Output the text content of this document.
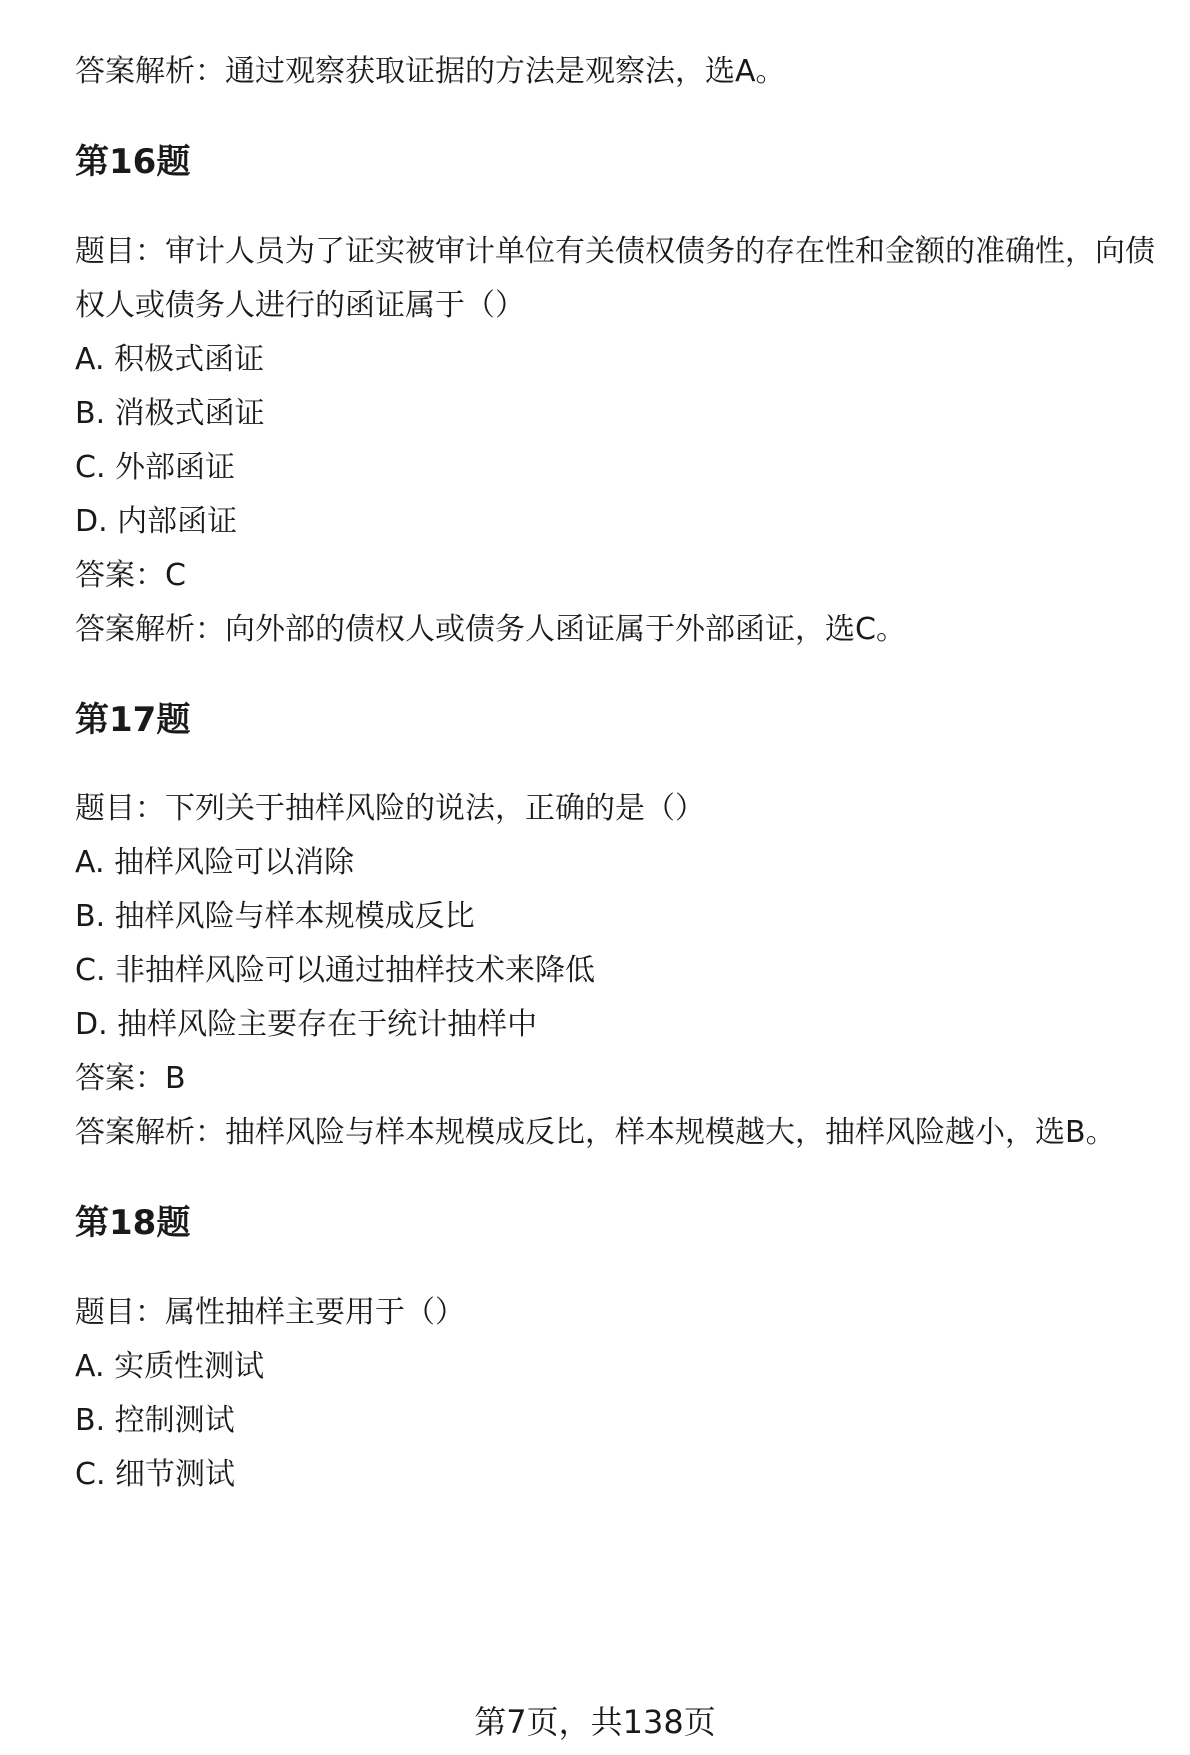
答案解析：通过观察获取证据的方法是观察法，选A。
第16题
题目：审计人员为了证实被审计单位有关债权债务的存在性和金额的准确性，向债
权人或债务人进行的函证属于（）
A. 积极式函证
B. 消极式函证
C. 外部函证
D. 内部函证
答案：C
答案解析：向外部的债权人或债务人函证属于外部函证，选C。
第17题
题目：下列关于抽样风险的说法，正确的是（）
A. 抽样风险可以消除
B. 抽样风险与样本规模成反比
C. 非抽样风险可以通过抽样技术来降低
D. 抽样风险主要存在于统计抽样中
答案：B
答案解析：抽样风险与样本规模成反比，样本规模越大，抽样风险越小，选B。
第18题
题目：属性抽样主要用于（）
A. 实质性测试
B. 控制测试
C. 细节测试
第7页，共138页
